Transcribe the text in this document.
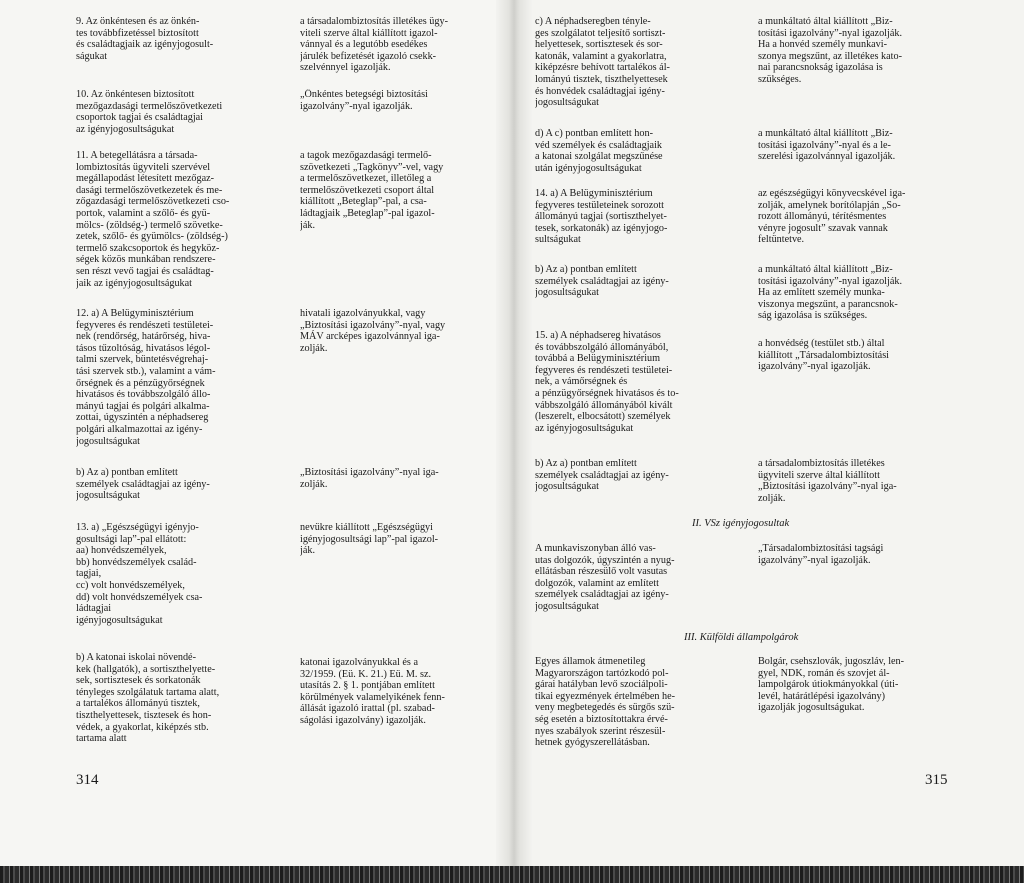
9. Az önkéntesen és az önkén-
tes továbbfizetéssel biztosított
és családtagjaik az igényjogosult-
ságukat
a társadalombiztosítás illetékes ügy-
viteli szerve által kiállított igazol-
vánnyal és a legutóbb esedékes
járulék befizetését igazoló csekk-
szelvénnyel igazolják.
10. Az önkéntesen biztosított
mezőgazdasági termelőszövetkezeti
csoportok tagjai és családtagjai
az igényjogosultságukat
„Önkéntes betegségi biztosítási
igazolvány”-nyal igazolják.
11. A betegellátásra a társada-
lombiztosítás ügyviteli szervével
megállapodást létesített mezőgaz-
dasági termelőszövetkezetek és me-
zőgazdasági termelőszövetkezeti cso-
portok, valamint a szőlő- és gyü-
mölcs- (zöldség-) termelő szövetke-
zetek, szőlő- és gyümölcs- (zöldség-)
termelő szakcsoportok és hegyköz-
ségek közös munkában rendszere-
sen részt vevő tagjai és családtag-
jaik az igényjogosultságukat
a tagok mezőgazdasági termelő-
szövetkezeti „Tagkönyv”-vel, vagy
a termelőszövetkezet, illetőleg a
termelőszövetkezeti csoport által
kiállított „Beteglap”-pal, a csa-
ládtagjaik „Beteglap”-pal igazol-
ják.
12. a) A Belügyminisztérium
fegyveres és rendészeti testületei-
nek (rendőrség, határőrség, hiva-
tásos tűzoltóság, hivatásos légol-
talmi szervek, büntetésvégrehaj-
tási szervek stb.), valamint a vám-
őrségnek és a pénzügyőrségnek
hivatásos és továbbszolgáló állo-
mányú tagjai és polgári alkalma-
zottai, úgyszintén a néphadsereg
polgári alkalmazottai az igény-
jogosultságukat
hivatali igazolványukkal, vagy
„Biztosítási igazolvány”-nyal, vagy
MÁV arcképes igazolvánnyal iga-
zolják.
b) Az a) pontban említett
személyek családtagjai az igény-
jogosultságukat
„Biztosítási igazolvány”-nyal iga-
zolják.
13. a) „Egészségügyi igényjo-
gosultsági lap”-pal ellátott:
aa) honvédszemélyek,
bb) honvédszemélyek család-
tagjai,
cc) volt honvédszemélyek,
dd) volt honvédszemélyek csa-
ládtagjai
igényjogosultságukat
nevükre kiállított „Egészségügyi
igényjogosultsági lap”-pal igazol-
ják.
b) A katonai iskolai növendé-
kek (hallgatók), a sortiszthelyette-
sek, sortisztesek és sorkatonák
tényleges szolgálatuk tartama alatt,
a tartalékos állományú tisztek,
tiszthelyettesek, tisztesek és hon-
védek, a gyakorlat, kiképzés stb.
tartama alatt
katonai igazolványukkal és a
32/1959. (Eü. K. 21.) Eü. M. sz.
utasítás 2. § 1. pontjában említett
körülmények valamelyikének fenn-
állását igazoló irattal (pl. szabad-
ságolási igazolvány) igazolják.
314
c) A néphadseregben tényle-
ges szolgálatot teljesítő sortiszt-
helyettesek, sortisztesek és sor-
katonák, valamint a gyakorlatra,
kiképzésre behívott tartalékos ál-
lományú tisztek, tiszthelyettesek
és honvédek családtagjai igény-
jogosultságukat
a munkáltató által kiállított „Biz-
tosítási igazolvány”-nyal igazolják.
Ha a honvéd személy munkavi-
szonya megszűnt, az illetékes kato-
nai parancsnokság igazolása is
szükséges.
d) A c) pontban említett hon-
véd személyek és családtagjaik
a katonai szolgálat megszűnése
után igényjogosultságukat
a munkáltató által kiállított „Biz-
tosítási igazolvány”-nyal és a le-
szerelési igazolvánnyal igazolják.
14. a) A Belügyminisztérium
fegyveres testületeinek sorozott
állományú tagjai (sortiszthelyet-
tesek, sorkatonák) az igényjogo-
sultságukat
az egészségügyi könyvecskével iga-
zolják, amelynek borítólapján „So-
rozott állományú, térítésmentes
vényre jogosult” szavak vannak
feltüntetve.
b) Az a) pontban említett
személyek családtagjai az igény-
jogosultságukat
a munkáltató által kiállított „Biz-
tosítási igazolvány”-nyal igazolják.
Ha az említett személy munka-
viszonya megszűnt, a parancsnok-
ság igazolása is szükséges.
15. a) A néphadsereg hivatásos
és továbbszolgáló állományából,
továbbá a Belügyminisztérium
fegyveres és rendészeti testületei-
nek, a vámőrségnek és
a pénzügyőrségnek hivatásos és to-
vábbszolgáló állományából kivált
(leszerelt, elbocsátott) személyek
az igényjogosultságukat
a honvédség (testület stb.) által
kiállított „Társadalombiztosítási
igazolvány”-nyal igazolják.
b) Az a) pontban említett
személyek családtagjai az igény-
jogosultságukat
a társadalombiztosítás illetékes
ügyviteli szerve által kiállított
„Biztosítási igazolvány”-nyal iga-
zolják.
II. VSz igényjogosultak
A munkaviszonyban álló vas-
utas dolgozók, úgyszintén a nyug-
ellátásban részesülő volt vasutas
dolgozók, valamint az említett
személyek családtagjai az igény-
jogosultságukat
„Társadalombiztosítási tagsági
igazolvány”-nyal igazolják.
III. Külföldi állampolgárok
Egyes államok átmenetileg
Magyarországon tartózkodó pol-
gárai hatályban levő szociálpoli-
tikai egyezmények értelmében he-
veny megbetegedés és sürgős szü-
ség esetén a biztosítottakra érvé-
nyes szabályok szerint részesül-
hetnek gyógyszerellátásban.
Bolgár, csehszlovák, jugoszláv, len-
gyel, NDK, román és szovjet ál-
lampolgárok útiokmányokkal (úti-
levél, határátlépési igazolvány)
igazolják jogosultságukat.
315
